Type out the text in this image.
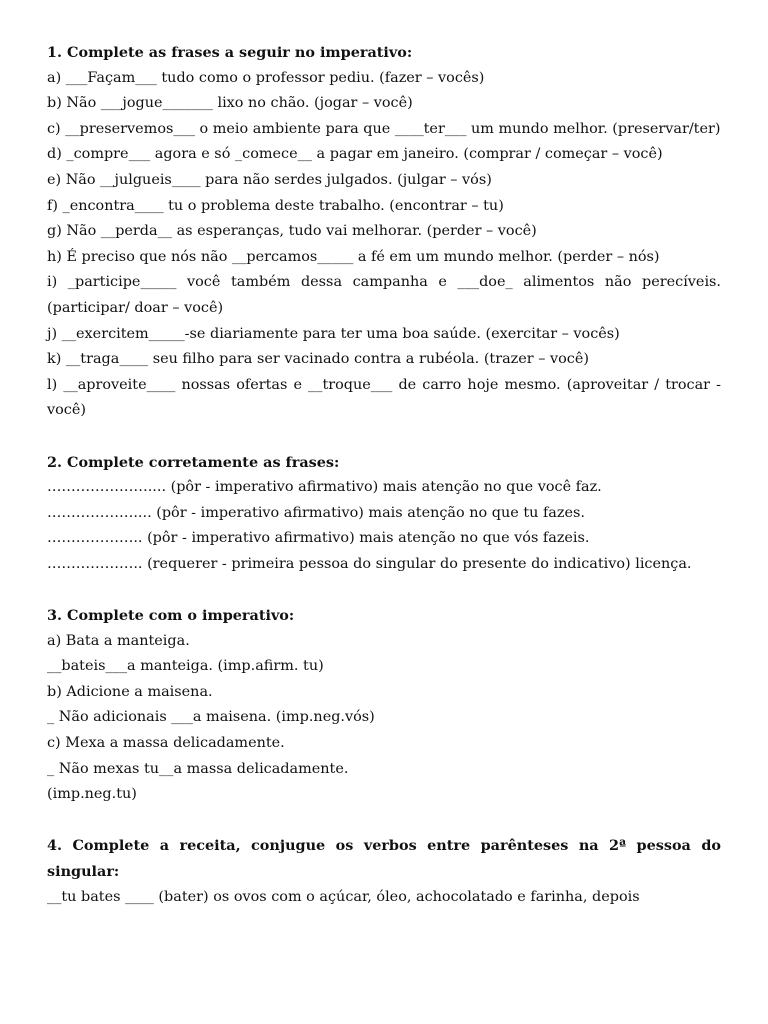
1. Complete as frases a seguir no imperativo:
a) ___Façam___ tudo como o professor pediu. (fazer – vocês)
b) Não ___jogue_______ lixo no chão. (jogar – você)
c) __preservemos___ o meio ambiente para que ____ter___ um mundo melhor. (preservar/ter)
d) _compre___ agora e só _comece__ a pagar em janeiro. (comprar / começar – você)
e) Não __julgueis____ para não serdes julgados. (julgar – vós)
f) _encontra____ tu o problema deste trabalho. (encontrar – tu)
g) Não __perda__ as esperanças, tudo vai melhorar. (perder – você)
h) É preciso que nós não __percamos_____ a fé em um mundo melhor. (perder – nós)
i) _participe_____ você também dessa campanha e ___doe_ alimentos não perecíveis. (participar/ doar – você)
j) __exercitem_____-se diariamente para ter uma boa saúde. (exercitar – vocês)
k) __traga____ seu filho para ser vacinado contra a rubéola. (trazer – você)
l) __aproveite____ nossas ofertas e __troque___ de carro hoje mesmo. (aproveitar / trocar - você)
2. Complete corretamente as frases:
………………….... (pôr - imperativo afirmativo) mais atenção no que você faz.
……………….... (pôr - imperativo afirmativo) mais atenção no que tu fazes.
……………….. (pôr - imperativo afirmativo) mais atenção no que vós fazeis.
……………….. (requerer - primeira pessoa do singular do presente do indicativo) licença.
3. Complete com o imperativo:
a) Bata a manteiga.
__bateis___a manteiga. (imp.afirm. tu)
b) Adicione a maisena.
_ Não adicionais ___a maisena. (imp.neg.vós)
c) Mexa a massa delicadamente.
_ Não mexas tu__a massa delicadamente.
(imp.neg.tu)
4. Complete a receita, conjugue os verbos entre parênteses na 2ª pessoa do singular:
__tu bates ____ (bater) os ovos com o açúcar, óleo, achocolatado e farinha, depois
